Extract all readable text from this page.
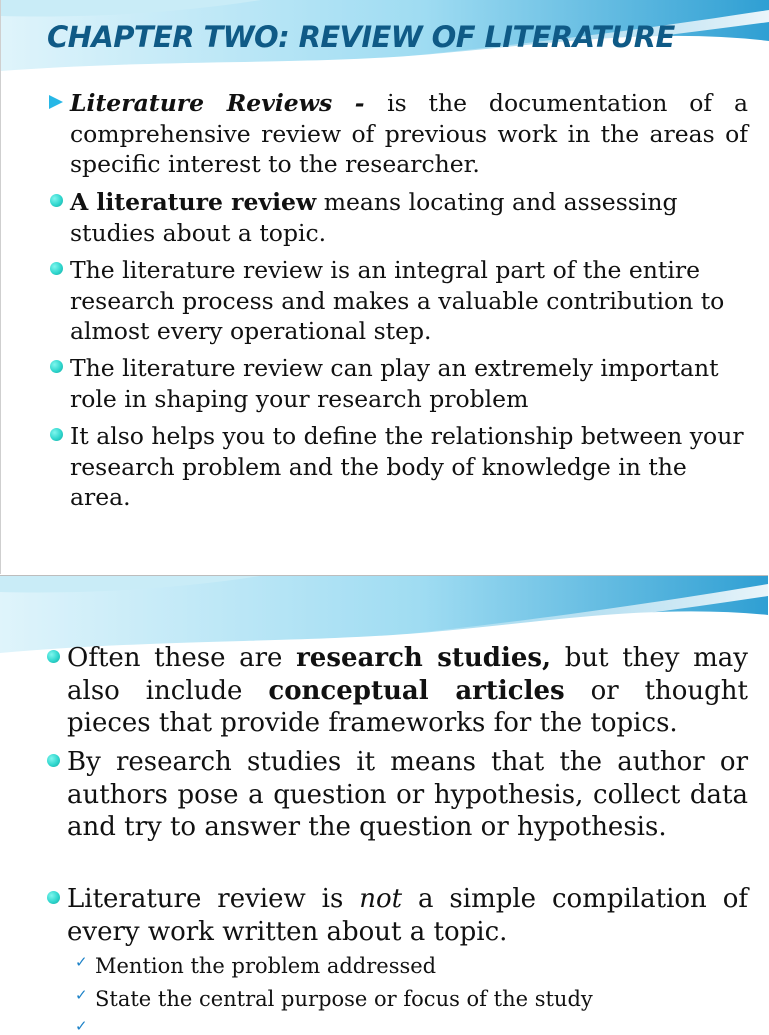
CHAPTER TWO: REVIEW OF LITERATURE

Literature Reviews - is the documentation of a comprehensive review of previous work in the areas of specific interest to the researcher.

A literature review means locating and assessing studies about a topic.

The literature review is an integral part of the entire research process and makes a valuable contribution to almost every operational step.

The literature review can play an extremely important role in shaping your research problem

It also helps you to define the relationship between your research problem and the body of knowledge in the area.

Often these are research studies, but they may also include conceptual articles or thought pieces that provide frameworks for the topics.

By research studies it means that the author or authors pose a question or hypothesis, collect data and try to answer the question or hypothesis.

Literature review is not a simple compilation of every work written about a topic.

✓ Mention the problem addressed

✓ State the central purpose or focus of the study

✓
